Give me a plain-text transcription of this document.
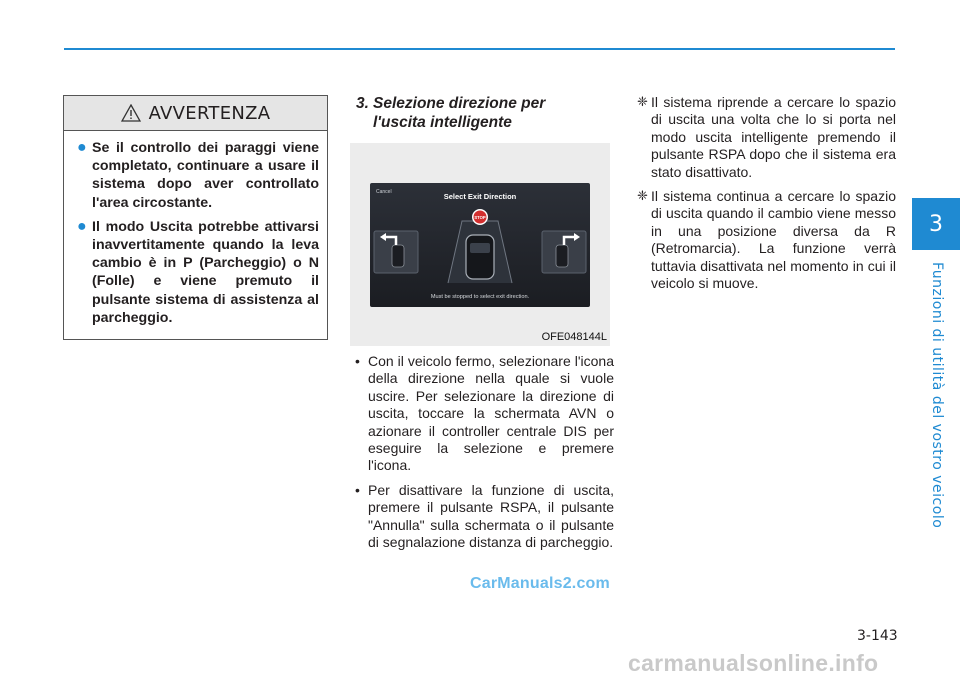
3
Funzioni di utilità del vostro veicolo
AVVERTENZA
● Se il controllo dei paraggi viene completato, continuare a usare il sistema dopo aver controllato l'area circostante.
● Il modo Uscita potrebbe attivarsi inavvertitamente quando la leva cambio è in P (Parcheggio) o N (Folle) e viene premuto il pulsante sistema di assistenza al parcheggio.
3. Selezione direzione per
l'uscita intelligente
Cancel	Select Exit Direction
STOP
Must be stopped to select exit direction.
OFE048144L
• Con il veicolo fermo, selezionare l'icona della direzione nella quale si vuole uscire. Per selezionare la direzione di uscita, toccare la schermata AVN o azionare il controller centrale DIS per eseguire la selezione e premere l'icona.
• Per disattivare la funzione di uscita, premere il pulsante RSPA, il pulsante "Annulla" sulla schermata o il pulsante di segnalazione distanza di parcheggio.
❈ Il sistema riprende a cercare lo spazio di uscita una volta che lo si porta nel modo uscita intelligente premendo il pulsante RSPA dopo che il sistema era stato disattivato.
❈ Il sistema continua a cercare lo spazio di uscita quando il cambio viene messo in una posizione diversa da R (Retromarcia). La funzione verrà tuttavia disattivata nel momento in cui il veicolo si muove.
CarManuals2.com
3-143
carmanualsonline.info
